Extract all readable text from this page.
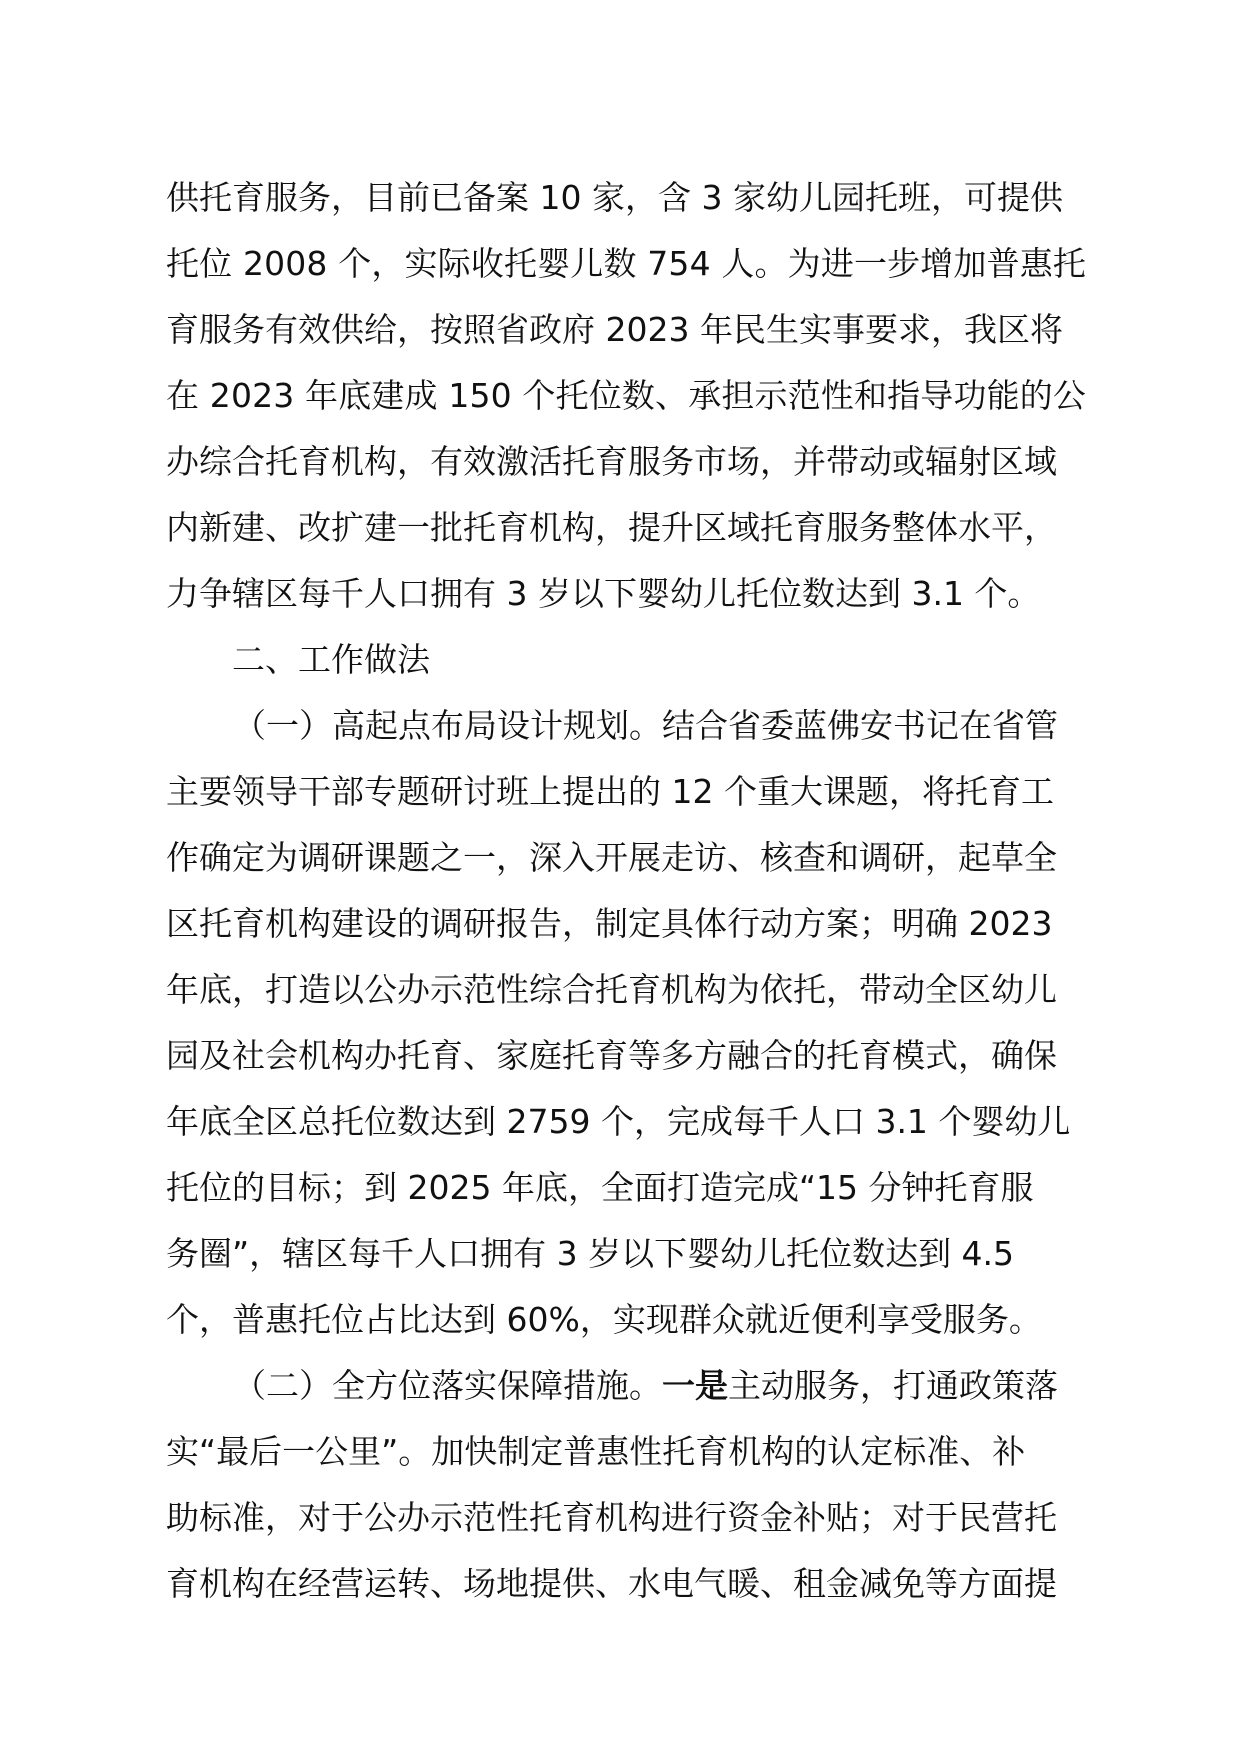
供托育服务，目前已备案 10 家，含 3 家幼儿园托班，可提供
托位 2008 个，实际收托婴儿数 754 人。为进一步增加普惠托
育服务有效供给，按照省政府 2023 年民生实事要求，我区将
在 2023 年底建成 150 个托位数、承担示范性和指导功能的公
办综合托育机构，有效激活托育服务市场，并带动或辐射区域
内新建、改扩建一批托育机构，提升区域托育服务整体水平，
力争辖区每千人口拥有 3 岁以下婴幼儿托位数达到 3.1 个。
二、工作做法
（一）高起点布局设计规划。结合省委蓝佛安书记在省管
主要领导干部专题研讨班上提出的 12 个重大课题，将托育工
作确定为调研课题之一，深入开展走访、核查和调研，起草全
区托育机构建设的调研报告，制定具体行动方案；明确 2023
年底，打造以公办示范性综合托育机构为依托，带动全区幼儿
园及社会机构办托育、家庭托育等多方融合的托育模式，确保
年底全区总托位数达到 2759 个，完成每千人口 3.1 个婴幼儿
托位的目标；到 2025 年底，全面打造完成“15 分钟托育服
务圈”，辖区每千人口拥有 3 岁以下婴幼儿托位数达到 4.5
个，普惠托位占比达到 60%，实现群众就近便利享受服务。
（二）全方位落实保障措施。一是主动服务，打通政策落
实“最后一公里”。加快制定普惠性托育机构的认定标准、补
助标准，对于公办示范性托育机构进行资金补贴；对于民营托
育机构在经营运转、场地提供、水电气暖、租金减免等方面提
